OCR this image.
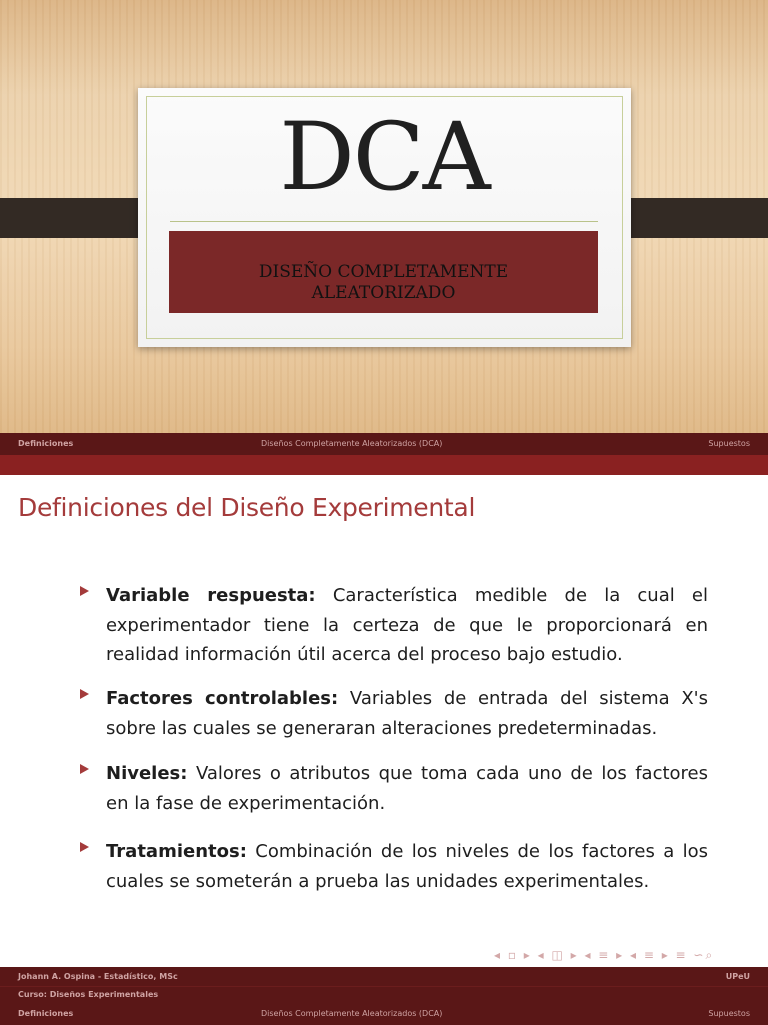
DCA
DISEÑO COMPLETAMENTE
ALEATORIZADO
Definiciones	Diseños Completamente Aleatorizados (DCA)	Supuestos
Definiciones del Diseño Experimental
Variable respuesta: Característica medible de la cual el experimentador tiene la certeza de que le proporcionará en realidad información útil acerca del proceso bajo estudio.
Factores controlables: Variables de entrada del sistema X's sobre las cuales se generaran alteraciones predeterminadas.
Niveles: Valores o atributos que toma cada uno de los factores en la fase de experimentación.
Tratamientos: Combinación de los niveles de los factores a los cuales se someterán a prueba las unidades experimentales.
◂ ▫ ▸ ◂ ◫ ▸ ◂ ≡ ▸ ◂ ≡ ▸ ≡ ∽⌕
Johann A. Ospina - Estadístico, MSc	UPeU
Curso: Diseños Experimentales
Definiciones	Diseños Completamente Aleatorizados (DCA)	Supuestos
